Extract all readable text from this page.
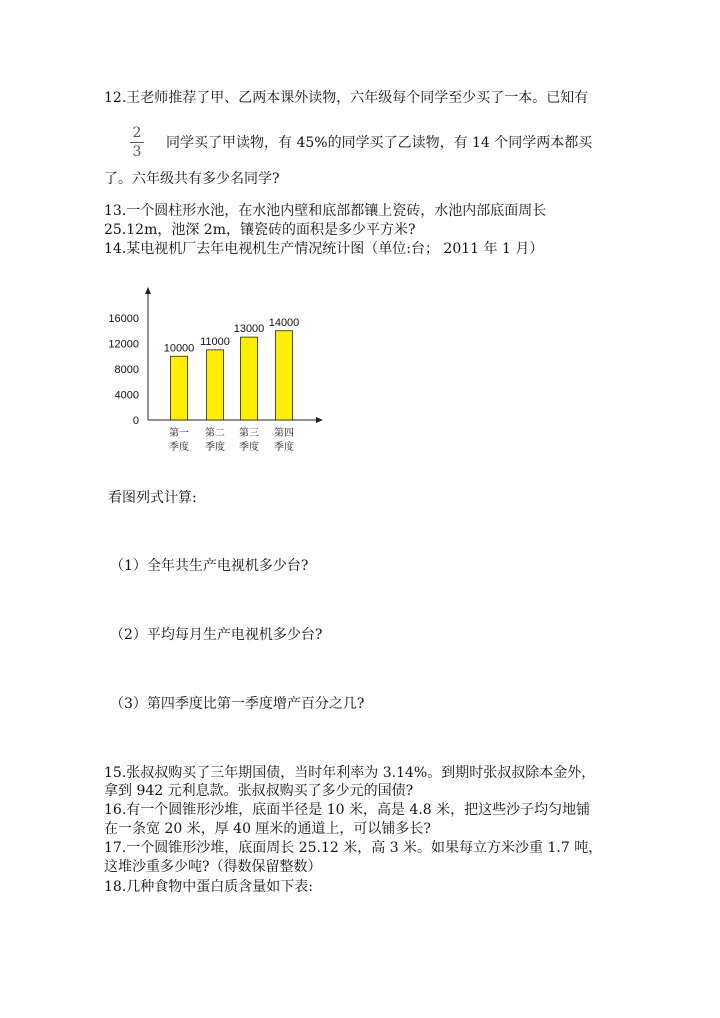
12.王老师推荐了甲、乙两本课外读物，六年级每个同学至少买了一本。已知有
2
3
同学买了甲读物，有 45%的同学买了乙读物，有 14 个同学两本都买
了。六年级共有多少名同学?
13.一个圆柱形水池，在水池内壁和底部都镶上瓷砖，水池内部底面周长
25.12m，池深 2m，镶瓷砖的面积是多少平方米?
14.某电视机厂去年电视机生产情况统计图（单位:台； 2011 年 1 月）
0
4000
8000
12000
16000
10000
第一
季度
11000
第二
季度
13000
第三
季度
14000
第四
季度
看图列式计算:
（1）全年共生产电视机多少台?
（2）平均每月生产电视机多少台?
（3）第四季度比第一季度增产百分之几?
15.张叔叔购买了三年期国债，当时年利率为 3.14%。到期时张叔叔除本金外，
拿到 942 元利息款。张叔叔购买了多少元的国债?
16.有一个圆锥形沙堆，底面半径是 10 米，高是 4.8 米，把这些沙子均匀地铺
在一条宽 20 米，厚 40 厘米的通道上，可以铺多长?
17.一个圆锥形沙堆，底面周长 25.12 米，高 3 米。如果每立方米沙重 1.7 吨，
这堆沙重多少吨?（得数保留整数）
18.几种食物中蛋白质含量如下表:
